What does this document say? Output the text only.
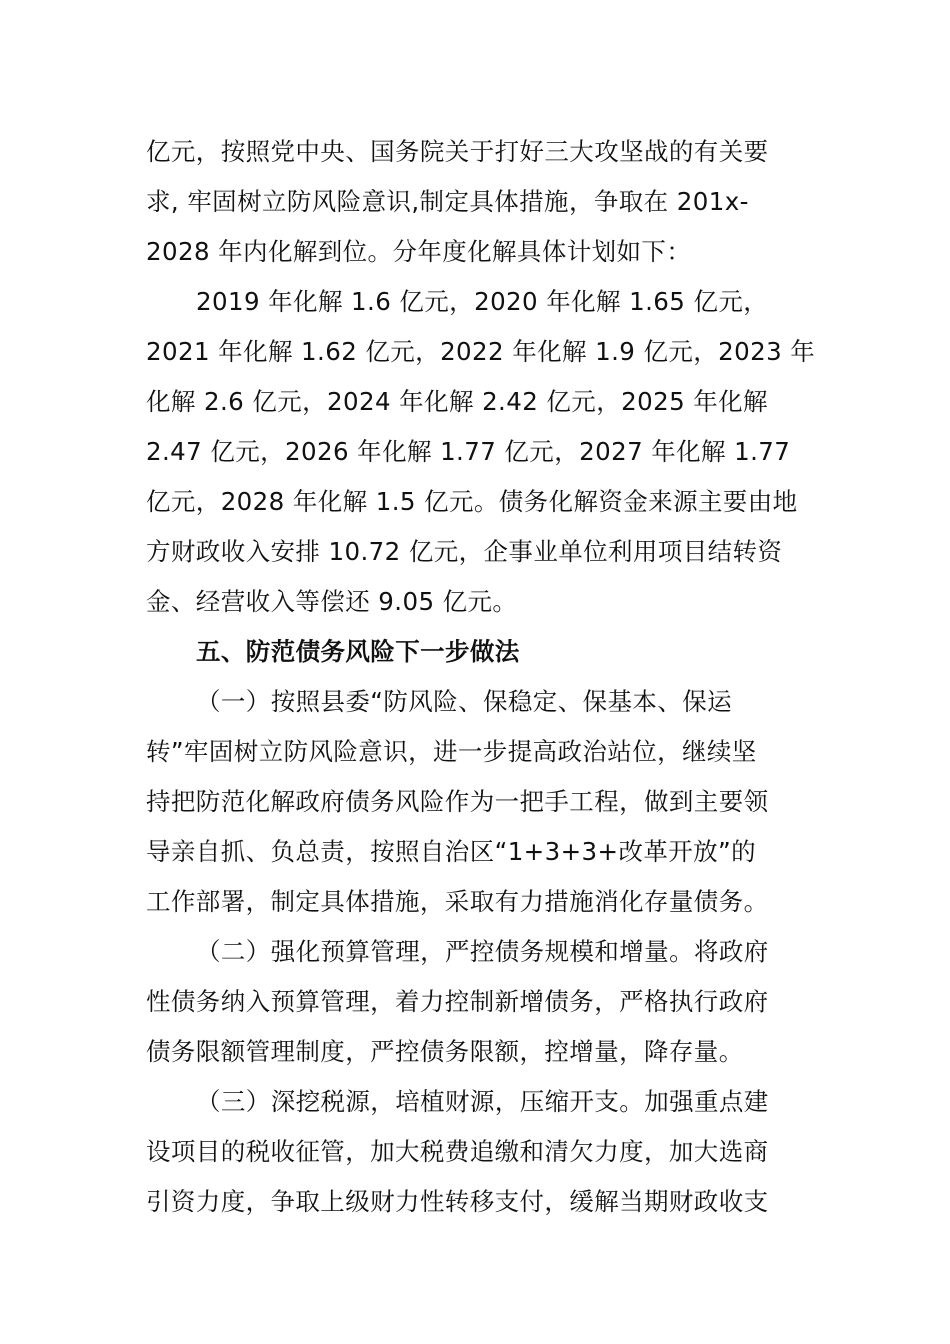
亿元，按照党中央、国务院关于打好三大攻坚战的有关要
求, 牢固树立防风险意识,制定具体措施，争取在 201x-
2028 年内化解到位。分年度化解具体计划如下：
2019 年化解 1.6 亿元，2020 年化解 1.65 亿元，
2021 年化解 1.62 亿元，2022 年化解 1.9 亿元，2023 年
化解 2.6 亿元，2024 年化解 2.42 亿元，2025 年化解
2.47 亿元，2026 年化解 1.77 亿元，2027 年化解 1.77
亿元，2028 年化解 1.5 亿元。债务化解资金来源主要由地
方财政收入安排 10.72 亿元，企事业单位利用项目结转资
金、经营收入等偿还 9.05 亿元。
五、防范债务风险下一步做法
（一）按照县委“防风险、保稳定、保基本、保运
转”牢固树立防风险意识，进一步提高政治站位，继续坚
持把防范化解政府债务风险作为一把手工程，做到主要领
导亲自抓、负总责，按照自治区“1+3+3+改革开放”的
工作部署，制定具体措施，采取有力措施消化存量债务。
（二）强化预算管理，严控债务规模和增量。将政府
性债务纳入预算管理，着力控制新增债务，严格执行政府
债务限额管理制度，严控债务限额，控增量，降存量。
（三）深挖税源，培植财源，压缩开支。加强重点建
设项目的税收征管，加大税费追缴和清欠力度，加大选商
引资力度，争取上级财力性转移支付，缓解当期财政收支
